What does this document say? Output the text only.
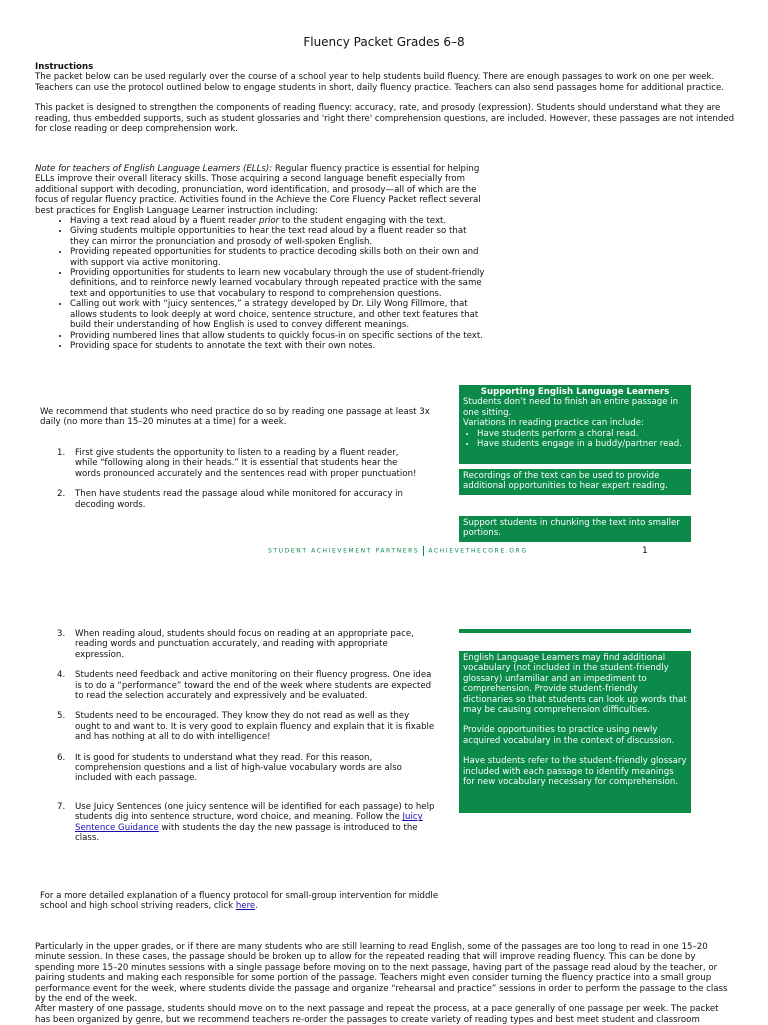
Fluency Packet Grades 6–8

Instructions

The packet below can be used regularly over the course of a school year to help students build fluency. There are enough passages to work on one per week. Teachers can use the protocol outlined below to engage students in short, daily fluency practice. Teachers can also send passages home for additional practice.

This packet is designed to strengthen the components of reading fluency: accuracy, rate, and prosody (expression). Students should understand what they are reading, thus embedded supports, such as student glossaries and 'right there' comprehension questions, are included. However, these passages are not intended for close reading or deep comprehension work.

Note for teachers of English Language Learners (ELLs): Regular fluency practice is essential for helping ELLs improve their overall literacy skills. Those acquiring a second language benefit especially from additional support with decoding, pronunciation, word identification, and prosody—all of which are the focus of regular fluency practice. Activities found in the Achieve the Core Fluency Packet reflect several best practices for English Language Learner instruction including:

• Having a text read aloud by a fluent reader prior to the student engaging with the text.
• Giving students multiple opportunities to hear the text read aloud by a fluent reader so that they can mirror the pronunciation and prosody of well-spoken English.
• Providing repeated opportunities for students to practice decoding skills both on their own and with support via active monitoring.
• Providing opportunities for students to learn new vocabulary through the use of student-friendly definitions, and to reinforce newly learned vocabulary through repeated practice with the same text and opportunities to use that vocabulary to respond to comprehension questions.
• Calling out work with “juicy sentences,” a strategy developed by Dr. Lily Wong Fillmore, that allows students to look deeply at word choice, sentence structure, and other text features that build their understanding of how English is used to convey different meanings.
• Providing numbered lines that allow students to quickly focus-in on specific sections of the text.
• Providing space for students to annotate the text with their own notes.
We recommend that students who need practice do so by reading one passage at least 3x daily (no more than 15–20 minutes at a time) for a week.
1. First give students the opportunity to listen to a reading by a fluent reader, while “following along in their heads.” It is essential that students hear the words pronounced accurately and the sentences read with proper punctuation!
2. Then have students read the passage aloud while monitored for accuracy in decoding words.
Supporting English Language Learners
Students don’t need to finish an entire passage in one sitting.
Variations in reading practice can include:
• Have students perform a choral read.
• Have students engage in a buddy/partner read.
Recordings of the text can be used to provide additional opportunities to hear expert reading.
Support students in chunking the text into smaller portions.
STUDENT ACHIEVEMENT PARTNERS ACHIEVETHECORE.ORG	1
3. When reading aloud, students should focus on reading at an appropriate pace, reading words and punctuation accurately, and reading with appropriate expression.
4. Students need feedback and active monitoring on their fluency progress. One idea is to do a “performance” toward the end of the week where students are expected to read the selection accurately and expressively and be evaluated.
5. Students need to be encouraged. They know they do not read as well as they ought to and want to. It is very good to explain fluency and explain that it is fixable and has nothing at all to do with intelligence!
6. It is good for students to understand what they read. For this reason, comprehension questions and a list of high-value vocabulary words are also included with each passage.
7. Use Juicy Sentences (one juicy sentence will be identified for each passage) to help students dig into sentence structure, word choice, and meaning. Follow the Juicy Sentence Guidance with students the day the new passage is introduced to the class.

English Language Learners may find additional vocabulary (not included in the student-friendly glossary) unfamiliar and an impediment to comprehension. Provide student-friendly dictionaries so that students can look up words that may be causing comprehension difficulties.

Provide opportunities to practice using newly acquired vocabulary in the context of discussion.

Have students refer to the student-friendly glossary included with each passage to identify meanings for new vocabulary necessary for comprehension.

For a more detailed explanation of a fluency protocol for small-group intervention for middle school and high school striving readers, click here.

Particularly in the upper grades, or if there are many students who are still learning to read English, some of the passages are too long to read in one 15–20 minute session. In these cases, the passage should be broken up to allow for the repeated reading that will improve reading fluency. This can be done by spending more 15–20 minutes sessions with a single passage before moving on to the next passage, having part of the passage read aloud by the teacher, or pairing students and making each responsible for some portion of the passage. Teachers might even consider turning the fluency practice into a small group performance event for the week, where students divide the passage and organize “rehearsal and practice” sessions in order to perform the passage to the class by the end of the week.

After mastery of one passage, students should move on to the next passage and repeat the process, at a pace generally of one passage per week. The packet has been organized by genre, but we recommend teachers re-order the passages to create variety of reading types and best meet student and classroom
